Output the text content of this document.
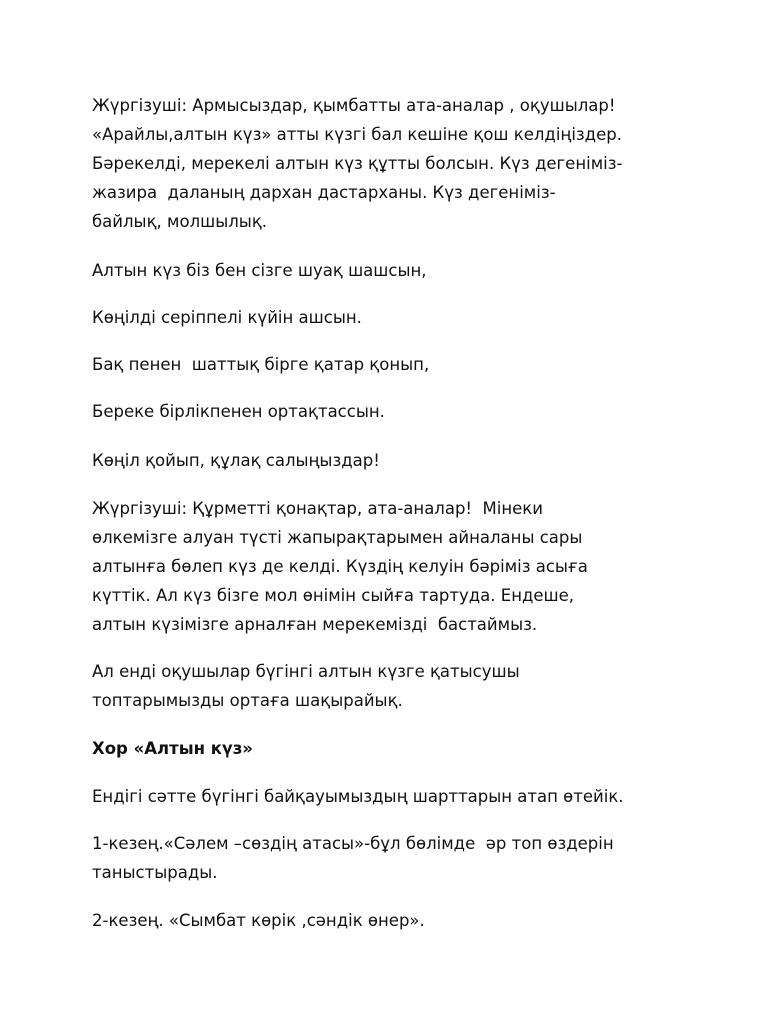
Жүргізуші: Армысыздар, қымбатты ата-аналар , оқушылар!
«Арайлы,алтын күз» атты күзгі бал кешіне қош келдіңіздер.
Бәрекелді, мерекелі алтын күз құтты болсын. Күз дегеніміз-
жазира  даланың дархан дастарханы. Күз дегеніміз-
байлық, молшылық.

Алтын күз біз бен сізге шуақ шашсын,

Көңілді серіппелі күйін ашсын.

Бақ пенен  шаттық бірге қатар қонып,

Береке бірлікпенен ортақтассын.

Көңіл қойып, құлақ салыңыздар!

Жүргізуші: Құрметті қонақтар, ата-аналар!  Мінеки
өлкемізге алуан түсті жапырақтарымен айналаны сары
алтынға бөлеп күз де келді. Күздің келуін бәріміз асыға
күттік. Ал күз бізге мол өнімін сыйға тартуда. Ендеше,
алтын күзімізге арналған мерекемізді  бастаймыз.

Ал енді оқушылар бүгінгі алтын күзге қатысушы
топтарымызды ортаға шақырайық.

Хор «Алтын күз»

Ендігі сәтте бүгінгі байқауымыздың шарттарын атап өтейік.

1-кезең.«Сәлем –сөздің атасы»-бұл бөлімде  әр топ өздерін
таныстырады.

2-кезең. «Сымбат көрік ,сәндік өнер».
